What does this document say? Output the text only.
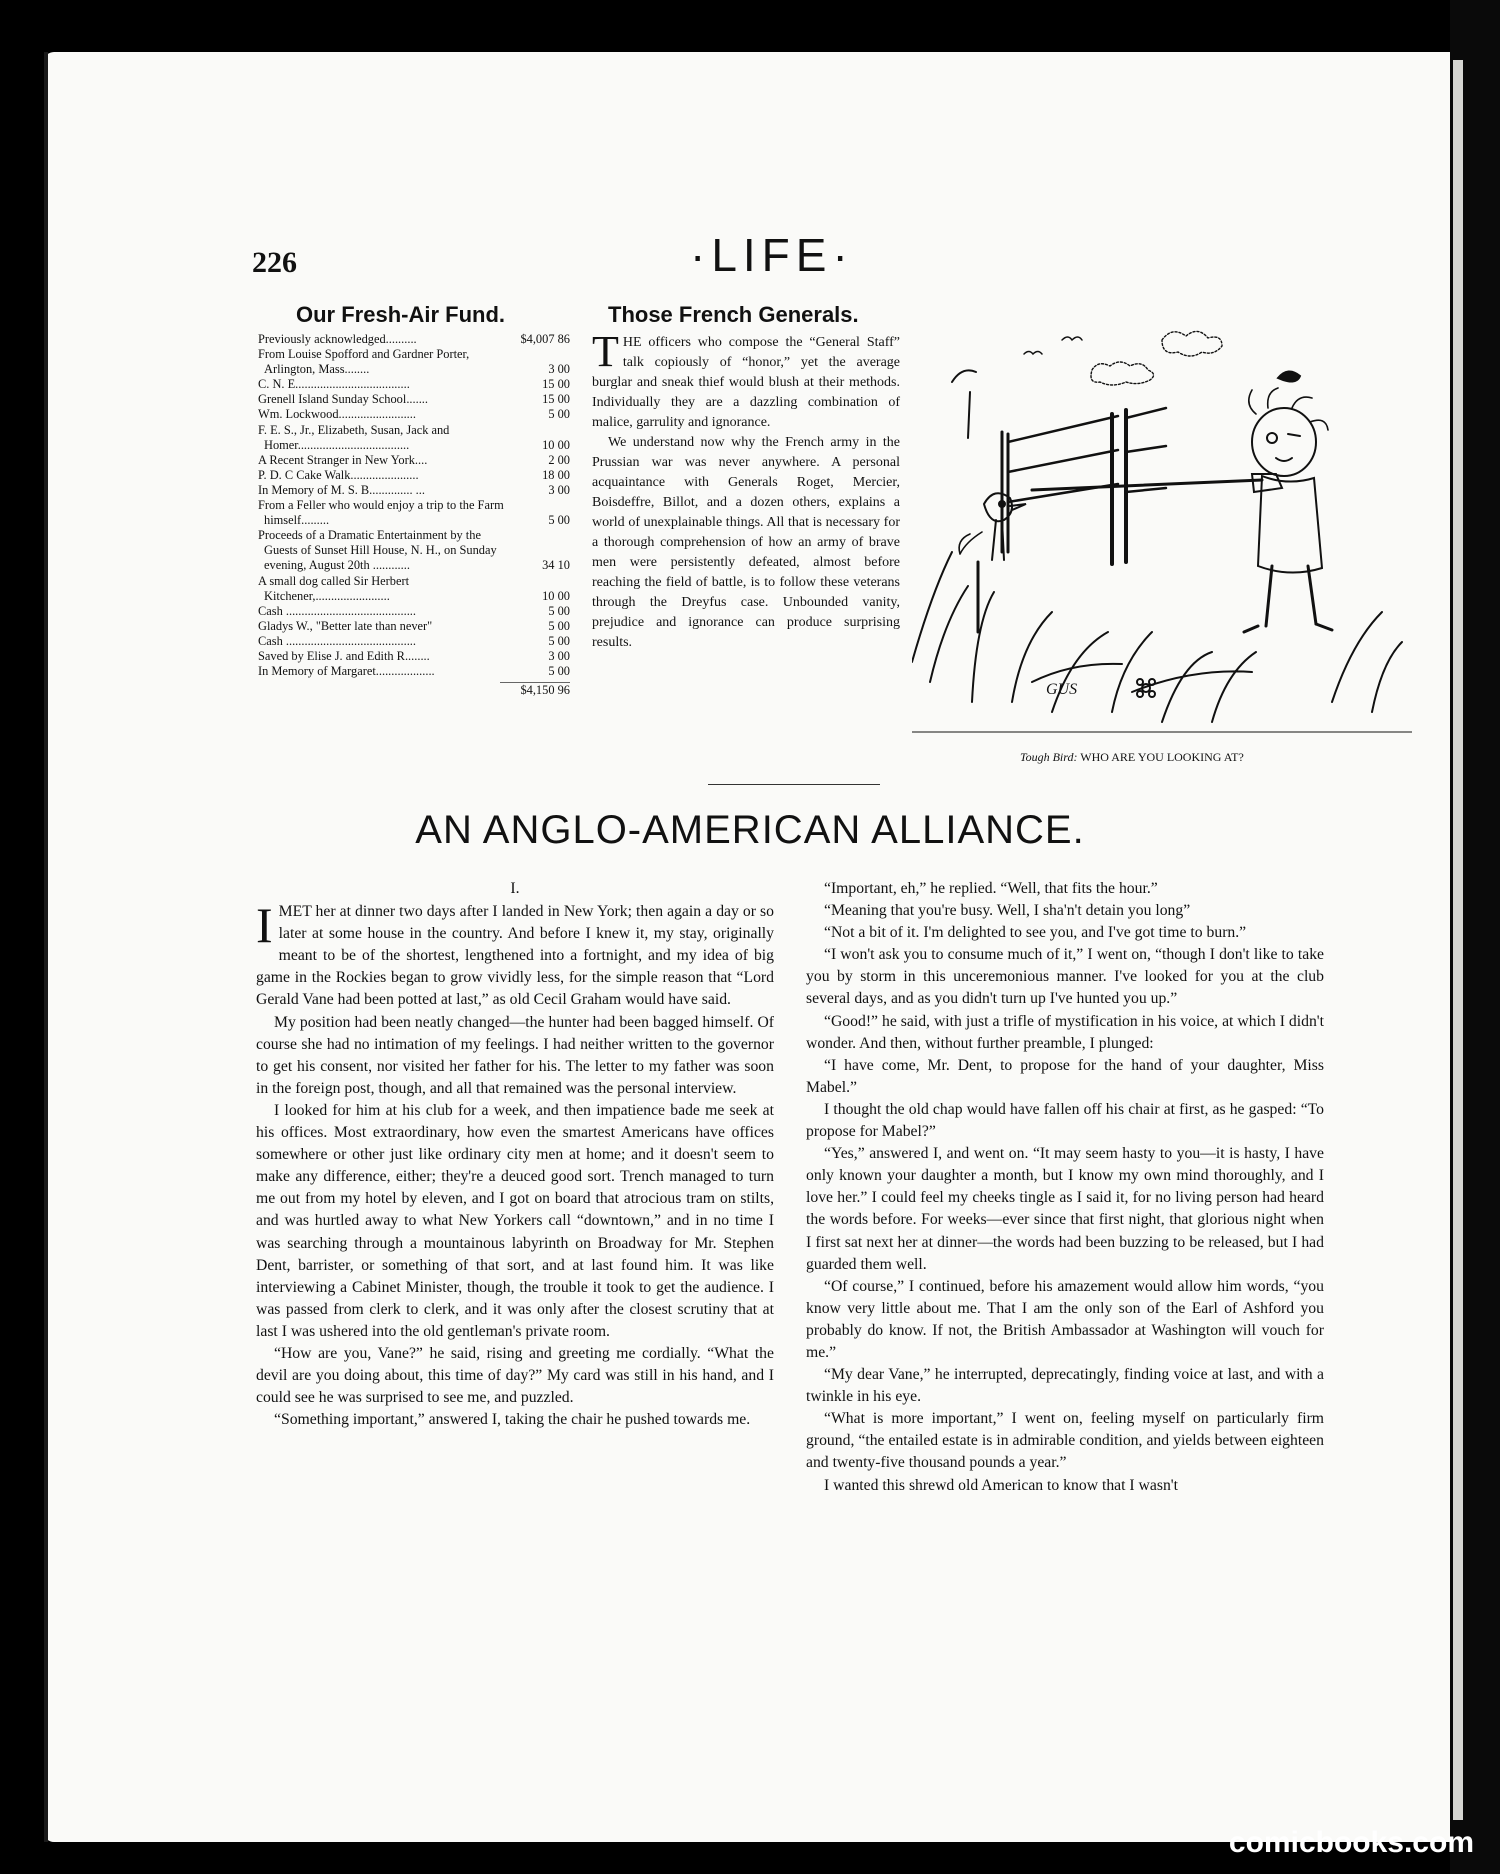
226	·LIFE·
Our Fresh-Air Fund.
Previously acknowledged..........	$4,007 86
From Louise Spofford and Gardner Porter, Arlington, Mass........	3 00
C. N. E.....................................	15 00
Grenell Island Sunday School.......	15 00
Wm. Lockwood.........................	5 00
F. E. S., Jr., Elizabeth, Susan, Jack and Homer....................................	10 00
A Recent Stranger in New York....	2 00
P. D. C Cake Walk......................	18 00
In Memory of M. S. B.............. ...	3 00
From a Feller who would enjoy a trip to the Farm himself.........	5 00
Proceeds of a Dramatic Entertainment by the Guests of Sunset Hill House, N. H., on Sunday evening, August 20th ............	34 10
A small dog called Sir Herbert Kitchener,........................	10 00
Cash ..........................................	5 00
Gladys W., "Better late than never"	5 00
Cash ..........................................	5 00
Saved by Elise J. and Edith R........	3 00
In Memory of Margaret...................	5 00
$4,150 96
Those French Generals.

THE officers who compose the “General Staff” talk copiously of “honor,” yet the average burglar and sneak thief would blush at their methods. Individually they are a dazzling combination of malice, garrulity and ignorance.

We understand now why the French army in the Prussian war was never anywhere. A personal acquaintance with Generals Roget, Mercier, Boisdeffre, Billot, and a dozen others, explains a world of unexplainable things. All that is necessary for a thorough comprehension of how an army of brave men were persistently defeated, almost before reaching the field of battle, is to follow these veterans through the Dreyfus case. Unbounded vanity, prejudice and ignorance can produce surprising results.

GUS
Tough Bird: WHO ARE YOU LOOKING AT?
AN ANGLO-AMERICAN ALLIANCE.

I.

IMET her at dinner two days after I landed in New York; then again a day or so later at some house in the country. And before I knew it, my stay, originally meant to be of the shortest, lengthened into a fortnight, and my idea of big game in the Rockies began to grow vividly less, for the simple reason that “Lord Gerald Vane had been potted at last,” as old Cecil Graham would have said.

My position had been neatly changed—the hunter had been bagged himself. Of course she had no intimation of my feelings. I had neither written to the governor to get his consent, nor visited her father for his. The letter to my father was soon in the foreign post, though, and all that remained was the personal interview.

I looked for him at his club for a week, and then impatience bade me seek at his offices. Most extraordinary, how even the smartest Americans have offices somewhere or other just like ordinary city men at home; and it doesn't seem to make any difference, either; they're a deuced good sort. Trench managed to turn me out from my hotel by eleven, and I got on board that atrocious tram on stilts, and was hurtled away to what New Yorkers call “downtown,” and in no time I was searching through a mountainous labyrinth on Broadway for Mr. Stephen Dent, barrister, or something of that sort, and at last found him. It was like interviewing a Cabinet Minister, though, the trouble it took to get the audience. I was passed from clerk to clerk, and it was only after the closest scrutiny that at last I was ushered into the old gentleman's private room.

“How are you, Vane?” he said, rising and greeting me cordially. “What the devil are you doing about, this time of day?” My card was still in his hand, and I could see he was surprised to see me, and puzzled.

“Something important,” answered I, taking the chair he pushed towards me.

“Important, eh,” he replied. “Well, that fits the hour.”

“Meaning that you're busy. Well, I sha'n't detain you long”

“Not a bit of it. I'm delighted to see you, and I've got time to burn.”

“I won't ask you to consume much of it,” I went on, “though I don't like to take you by storm in this unceremonious manner. I've looked for you at the club several days, and as you didn't turn up I've hunted you up.”

“Good!” he said, with just a trifle of mystification in his voice, at which I didn't wonder. And then, without further preamble, I plunged:

“I have come, Mr. Dent, to propose for the hand of your daughter, Miss Mabel.”

I thought the old chap would have fallen off his chair at first, as he gasped: “To propose for Mabel?”

“Yes,” answered I, and went on. “It may seem hasty to you—it is hasty, I have only known your daughter a month, but I know my own mind thoroughly, and I love her.” I could feel my cheeks tingle as I said it, for no living person had heard the words before. For weeks—ever since that first night, that glorious night when I first sat next her at dinner—the words had been buzzing to be released, but I had guarded them well.

“Of course,” I continued, before his amazement would allow him words, “you know very little about me. That I am the only son of the Earl of Ashford you probably do know. If not, the British Ambassador at Washington will vouch for me.”

“My dear Vane,” he interrupted, deprecatingly, finding voice at last, and with a twinkle in his eye.

“What is more important,” I went on, feeling myself on particularly firm ground, “the entailed estate is in admirable condition, and yields between eighteen and twenty-five thousand pounds a year.”

I wanted this shrewd old American to know that I wasn't

comicbooks.com
